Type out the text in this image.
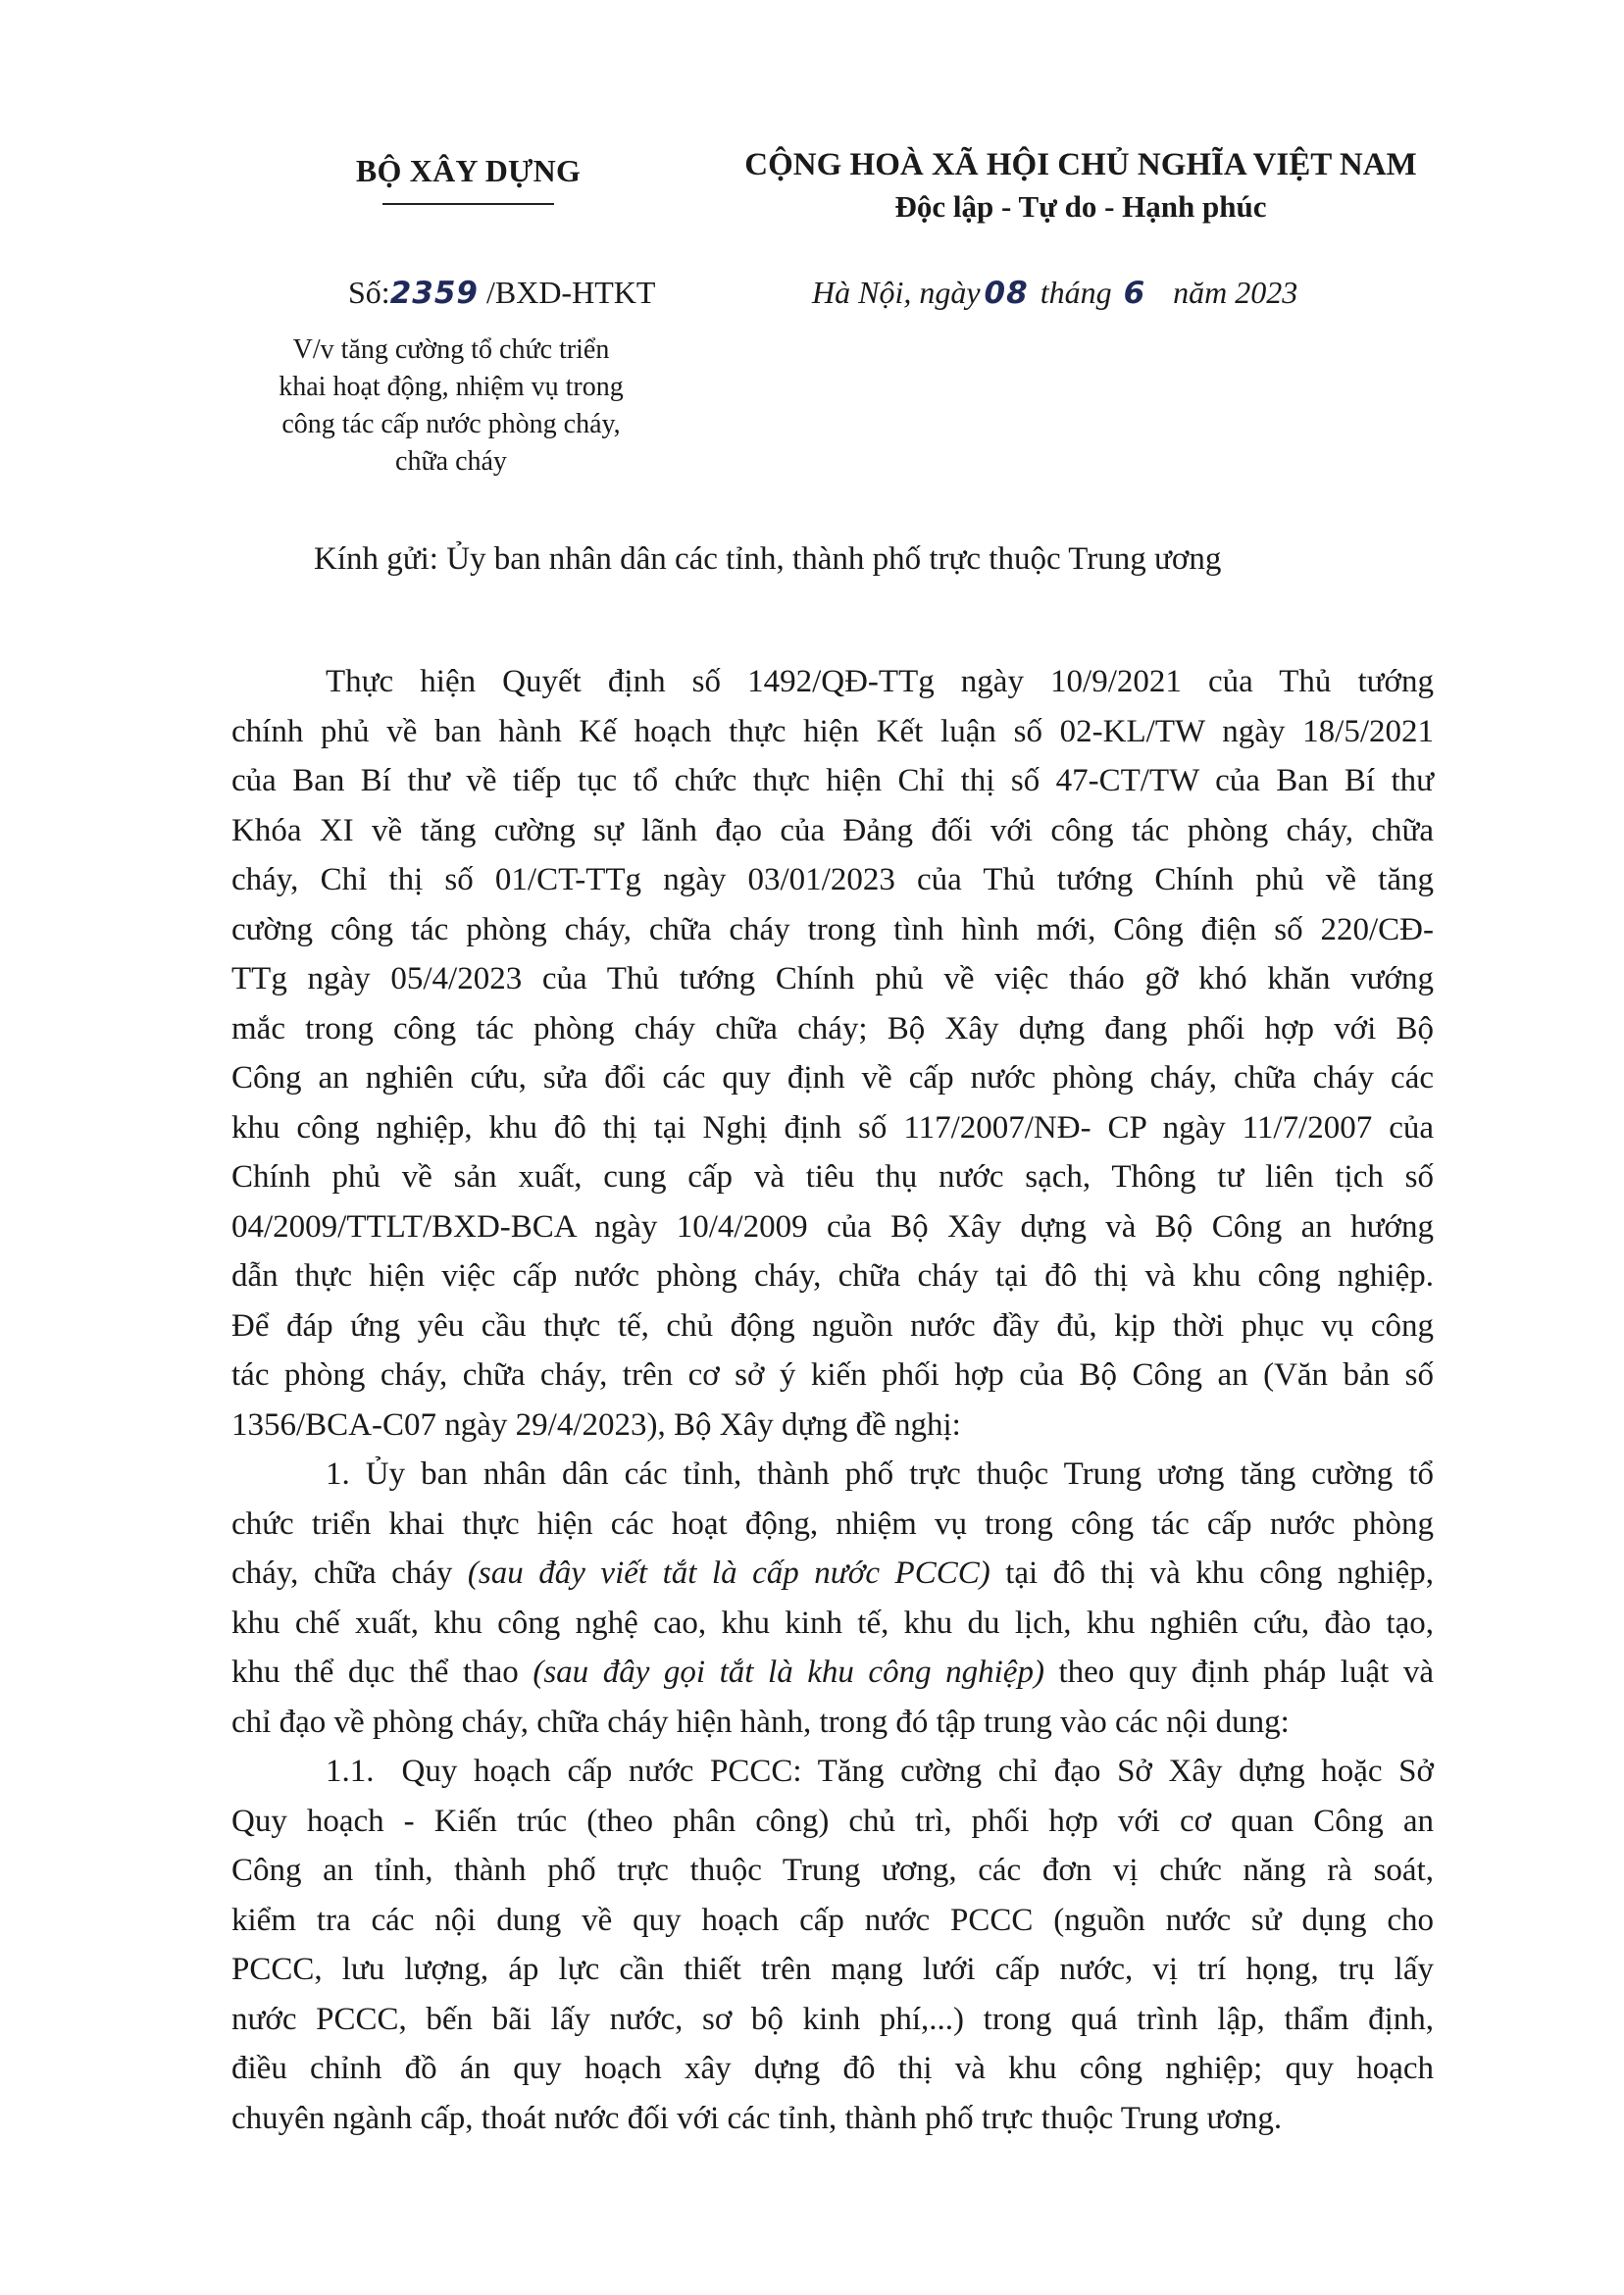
BỘ XÂY DỰNG	CỘNG HOÀ XÃ HỘI CHỦ NGHĨA VIỆT NAM
Độc lập - Tự do - Hạnh phúc
Số:2359 /BXD-HTKT	Hà Nội, ngày 08 tháng 6 năm 2023
V/v tăng cường tổ chức triển
khai hoạt động, nhiệm vụ trong
công tác cấp nước phòng cháy,
chữa cháy
Kính gửi: Ủy ban nhân dân các tỉnh, thành phố trực thuộc Trung ương
Thực hiện Quyết định số 1492/QĐ-TTg ngày 10/9/2021 của Thủ tướng
chính phủ về ban hành Kế hoạch thực hiện Kết luận số 02-KL/TW ngày 18/5/2021
của Ban Bí thư về tiếp tục tổ chức thực hiện Chỉ thị số 47-CT/TW của Ban Bí thư
Khóa XI về tăng cường sự lãnh đạo của Đảng đối với công tác phòng cháy, chữa
cháy, Chỉ thị số 01/CT-TTg ngày 03/01/2023 của Thủ tướng Chính phủ về tăng
cường công tác phòng cháy, chữa cháy trong tình hình mới, Công điện số 220/CĐ-
TTg ngày 05/4/2023 của Thủ tướng Chính phủ về việc tháo gỡ khó khăn vướng
mắc trong công tác phòng cháy chữa cháy; Bộ Xây dựng đang phối hợp với Bộ
Công an nghiên cứu, sửa đổi các quy định về cấp nước phòng cháy, chữa cháy các
khu công nghiệp, khu đô thị tại Nghị định số 117/2007/NĐ- CP ngày 11/7/2007 của
Chính phủ về sản xuất, cung cấp và tiêu thụ nước sạch, Thông tư liên tịch số
04/2009/TTLT/BXD-BCA ngày 10/4/2009 của Bộ Xây dựng và Bộ Công an hướng
dẫn thực hiện việc cấp nước phòng cháy, chữa cháy tại đô thị và khu công nghiệp.
Để đáp ứng yêu cầu thực tế, chủ động nguồn nước đầy đủ, kịp thời phục vụ công
tác phòng cháy, chữa cháy, trên cơ sở ý kiến phối hợp của Bộ Công an (Văn bản số
1356/BCA-C07 ngày 29/4/2023), Bộ Xây dựng đề nghị:
1. Ủy ban nhân dân các tỉnh, thành phố trực thuộc Trung ương tăng cường tổ
chức triển khai thực hiện các hoạt động, nhiệm vụ trong công tác cấp nước phòng
cháy, chữa cháy (sau đây viết tắt là cấp nước PCCC) tại đô thị và khu công nghiệp,
khu chế xuất, khu công nghệ cao, khu kinh tế, khu du lịch, khu nghiên cứu, đào tạo,
khu thể dục thể thao (sau đây gọi tắt là khu công nghiệp) theo quy định pháp luật và
chỉ đạo về phòng cháy, chữa cháy hiện hành, trong đó tập trung vào các nội dung:
1.1. Quy hoạch cấp nước PCCC: Tăng cường chỉ đạo Sở Xây dựng hoặc Sở
Quy hoạch - Kiến trúc (theo phân công) chủ trì, phối hợp với cơ quan Công an
Công an tỉnh, thành phố trực thuộc Trung ương, các đơn vị chức năng rà soát,
kiểm tra các nội dung về quy hoạch cấp nước PCCC (nguồn nước sử dụng cho
PCCC, lưu lượng, áp lực cần thiết trên mạng lưới cấp nước, vị trí họng, trụ lấy
nước PCCC, bến bãi lấy nước, sơ bộ kinh phí,...) trong quá trình lập, thẩm định,
điều chỉnh đồ án quy hoạch xây dựng đô thị và khu công nghiệp; quy hoạch
chuyên ngành cấp, thoát nước đối với các tỉnh, thành phố trực thuộc Trung ương.
